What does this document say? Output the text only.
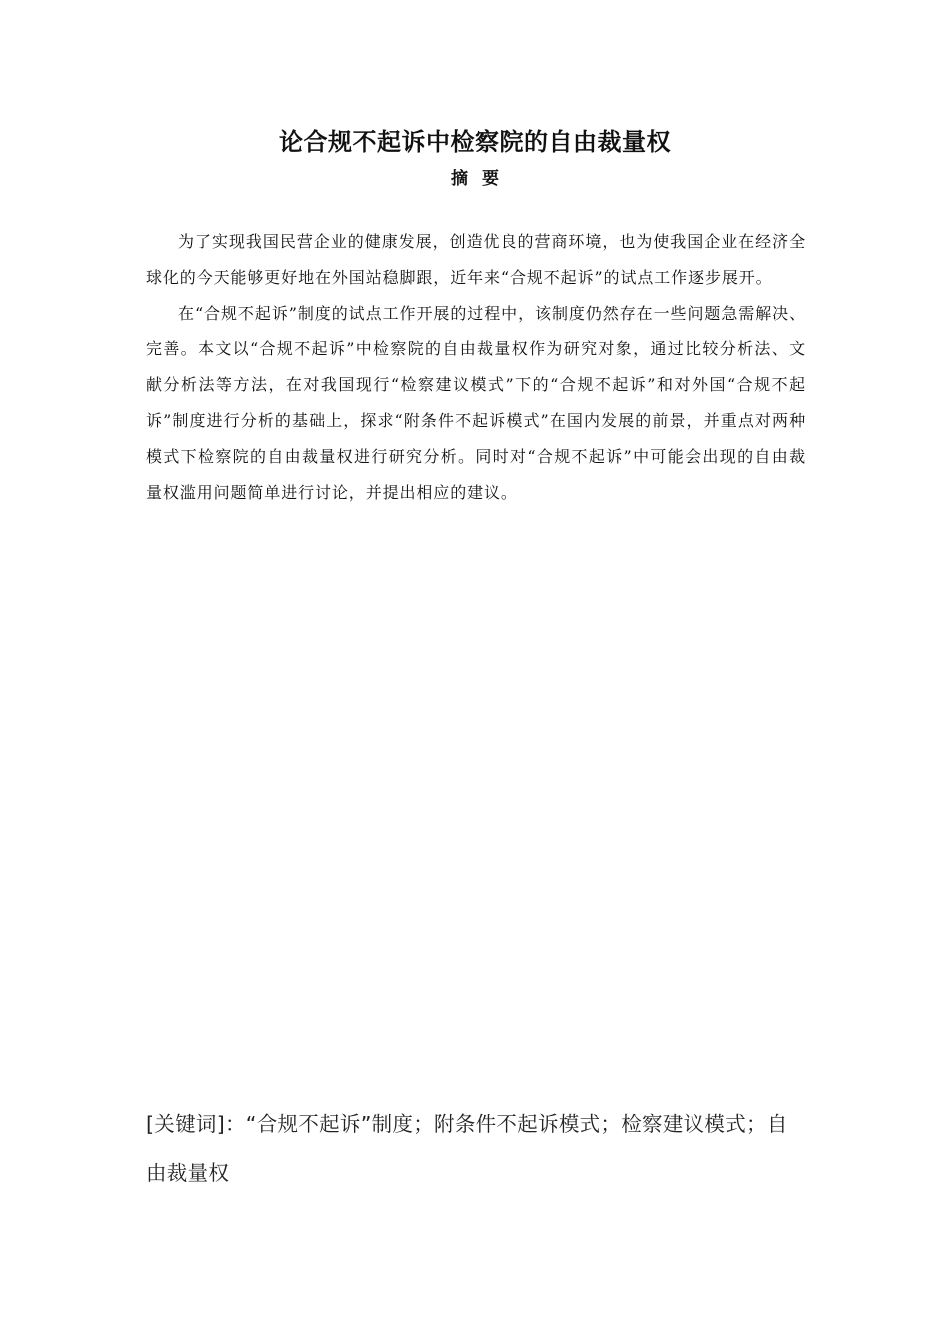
论合规不起诉中检察院的自由裁量权
摘要

为了实现我国民营企业的健康发展，创造优良的营商环境，也为使我国企业在经济全球化的今天能够更好地在外国站稳脚跟，近年来“合规不起诉”的试点工作逐步展开。

在“合规不起诉”制度的试点工作开展的过程中，该制度仍然存在一些问题急需解决、完善。本文以“合规不起诉”中检察院的自由裁量权作为研究对象，通过比较分析法、文献分析法等方法，在对我国现行“检察建议模式”下的“合规不起诉”和对外国“合规不起诉”制度进行分析的基础上，探求“附条件不起诉模式”在国内发展的前景，并重点对两种模式下检察院的自由裁量权进行研究分析。同时对“合规不起诉”中可能会出现的自由裁量权滥用问题简单进行讨论，并提出相应的建议。

[关键词]：“合规不起诉”制度；附条件不起诉模式；检察建议模式；自由裁量权
